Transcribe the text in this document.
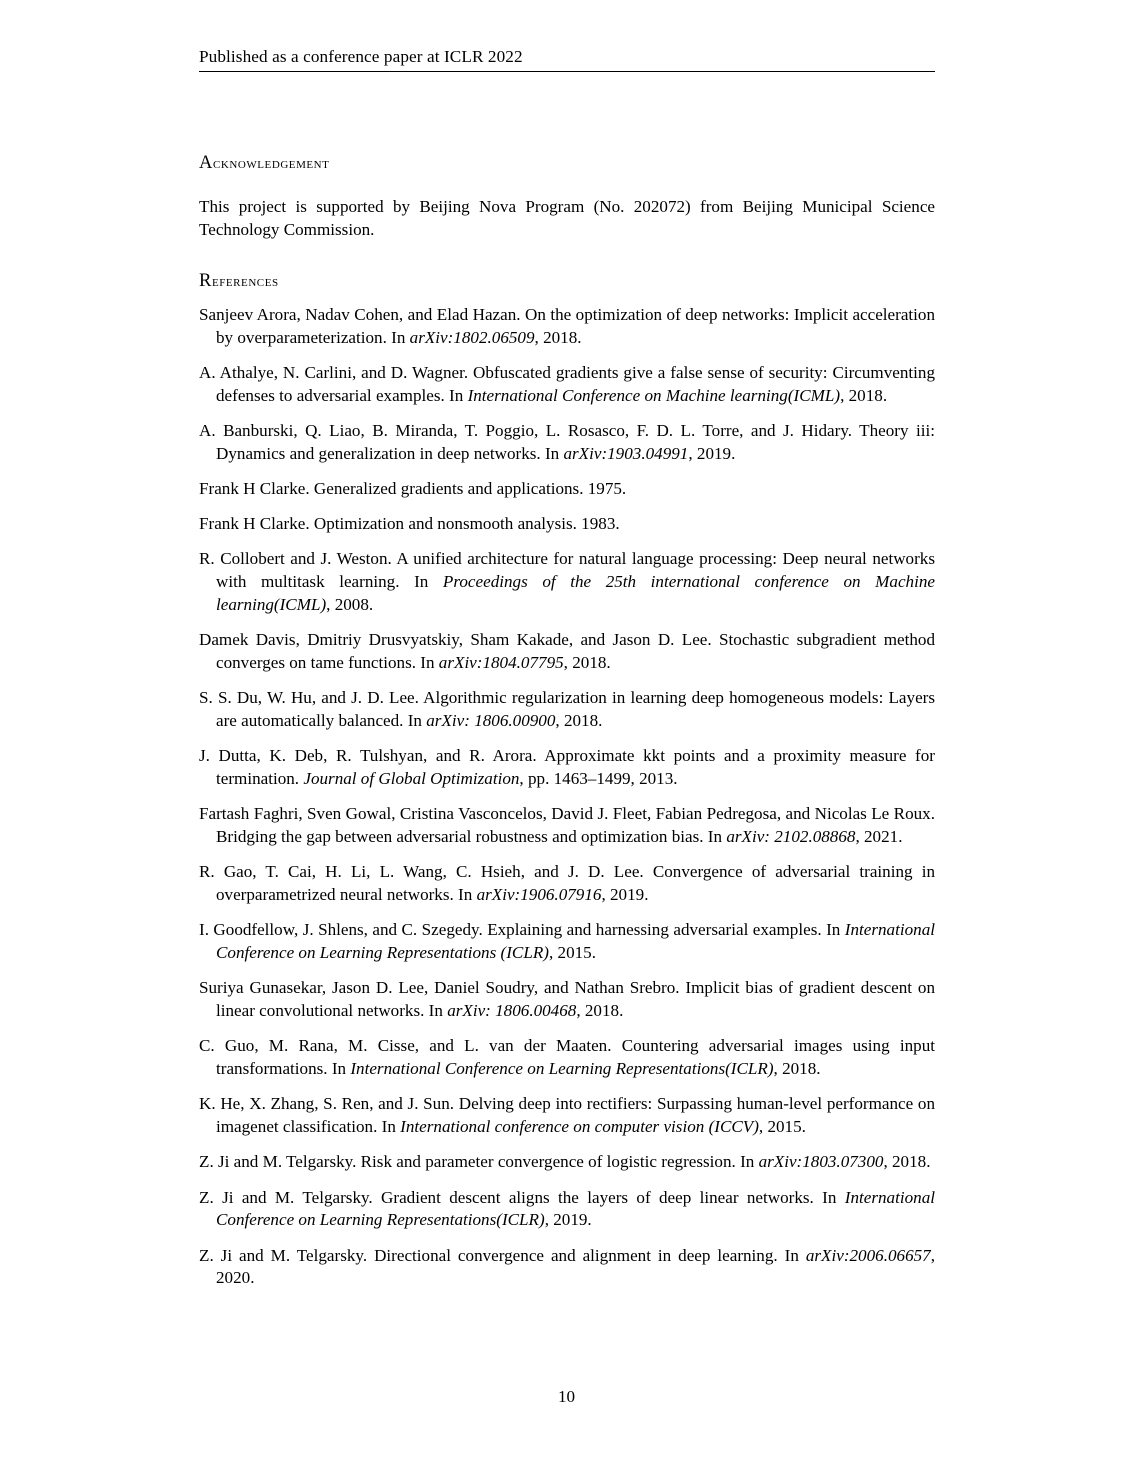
Published as a conference paper at ICLR 2022
Acknowledgement

This project is supported by Beijing Nova Program (No. 202072) from Beijing Municipal Science Technology Commission.

References

Sanjeev Arora, Nadav Cohen, and Elad Hazan. On the optimization of deep networks: Implicit acceleration by overparameterization. In arXiv:1802.06509, 2018.

A. Athalye, N. Carlini, and D. Wagner. Obfuscated gradients give a false sense of security: Circumventing defenses to adversarial examples. In International Conference on Machine learning(ICML), 2018.

A. Banburski, Q. Liao, B. Miranda, T. Poggio, L. Rosasco, F. D. L. Torre, and J. Hidary. Theory iii: Dynamics and generalization in deep networks. In arXiv:1903.04991, 2019.

Frank H Clarke. Generalized gradients and applications. 1975.

Frank H Clarke. Optimization and nonsmooth analysis. 1983.

R. Collobert and J. Weston. A unified architecture for natural language processing: Deep neural networks with multitask learning. In Proceedings of the 25th international conference on Machine learning(ICML), 2008.

Damek Davis, Dmitriy Drusvyatskiy, Sham Kakade, and Jason D. Lee. Stochastic subgradient method converges on tame functions. In arXiv:1804.07795, 2018.

S. S. Du, W. Hu, and J. D. Lee. Algorithmic regularization in learning deep homogeneous models: Layers are automatically balanced. In arXiv: 1806.00900, 2018.

J. Dutta, K. Deb, R. Tulshyan, and R. Arora. Approximate kkt points and a proximity measure for termination. Journal of Global Optimization, pp. 1463–1499, 2013.

Fartash Faghri, Sven Gowal, Cristina Vasconcelos, David J. Fleet, Fabian Pedregosa, and Nicolas Le Roux. Bridging the gap between adversarial robustness and optimization bias. In arXiv: 2102.08868, 2021.

R. Gao, T. Cai, H. Li, L. Wang, C. Hsieh, and J. D. Lee. Convergence of adversarial training in overparametrized neural networks. In arXiv:1906.07916, 2019.

I. Goodfellow, J. Shlens, and C. Szegedy. Explaining and harnessing adversarial examples. In International Conference on Learning Representations (ICLR), 2015.

Suriya Gunasekar, Jason D. Lee, Daniel Soudry, and Nathan Srebro. Implicit bias of gradient descent on linear convolutional networks. In arXiv: 1806.00468, 2018.

C. Guo, M. Rana, M. Cisse, and L. van der Maaten. Countering adversarial images using input transformations. In International Conference on Learning Representations(ICLR), 2018.

K. He, X. Zhang, S. Ren, and J. Sun. Delving deep into rectifiers: Surpassing human-level performance on imagenet classification. In International conference on computer vision (ICCV), 2015.

Z. Ji and M. Telgarsky. Risk and parameter convergence of logistic regression. In arXiv:1803.07300, 2018.

Z. Ji and M. Telgarsky. Gradient descent aligns the layers of deep linear networks. In International Conference on Learning Representations(ICLR), 2019.

Z. Ji and M. Telgarsky. Directional convergence and alignment in deep learning. In arXiv:2006.06657, 2020.

10
